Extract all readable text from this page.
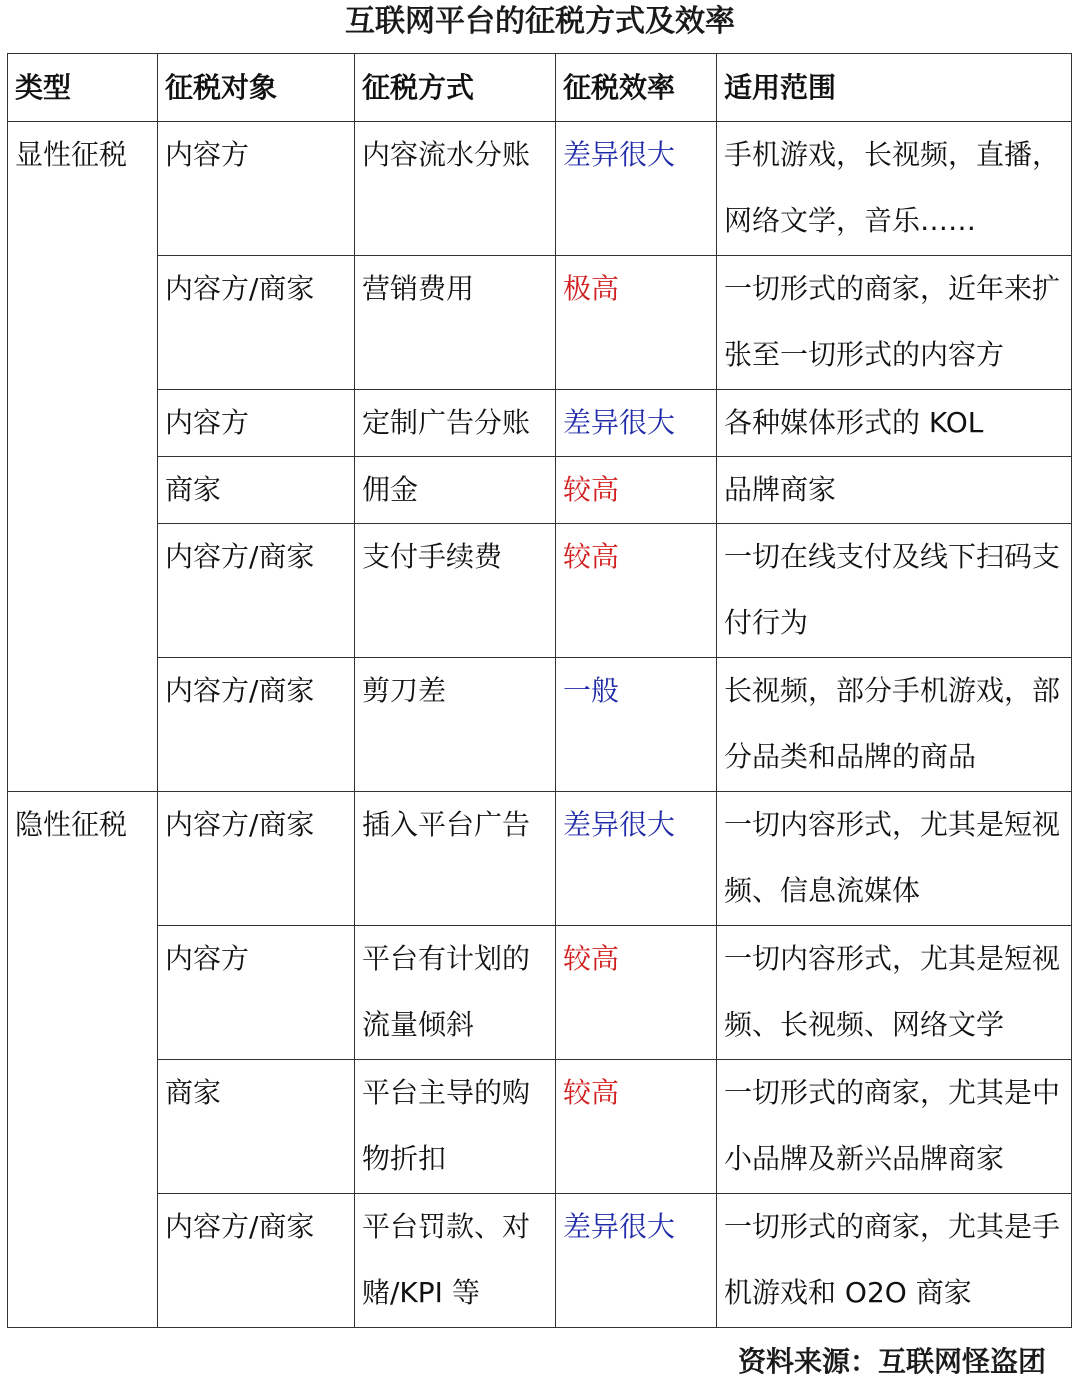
互联网平台的征税方式及效率
类型	征税对象	征税方式	征税效率	适用范围
显性征税	内容方	内容流水分账	差异很大	手机游戏，长视频，直播，网络文学，音乐……
	内容方/商家	营销费用	极高	一切形式的商家，近年来扩张至一切形式的内容方
	内容方	定制广告分账	差异很大	各种媒体形式的 KOL
	商家	佣金	较高	品牌商家
	内容方/商家	支付手续费	较高	一切在线支付及线下扫码支付行为
	内容方/商家	剪刀差	一般	长视频，部分手机游戏，部分品类和品牌的商品
隐性征税	内容方/商家	插入平台广告	差异很大	一切内容形式，尤其是短视频、信息流媒体
	内容方	平台有计划的流量倾斜	较高	一切内容形式，尤其是短视频、长视频、网络文学
	商家	平台主导的购物折扣	较高	一切形式的商家，尤其是中小品牌及新兴品牌商家
	内容方/商家	平台罚款、对赌/KPI 等	差异很大	一切形式的商家，尤其是手机游戏和 O2O 商家
资料来源：互联网怪盗团
